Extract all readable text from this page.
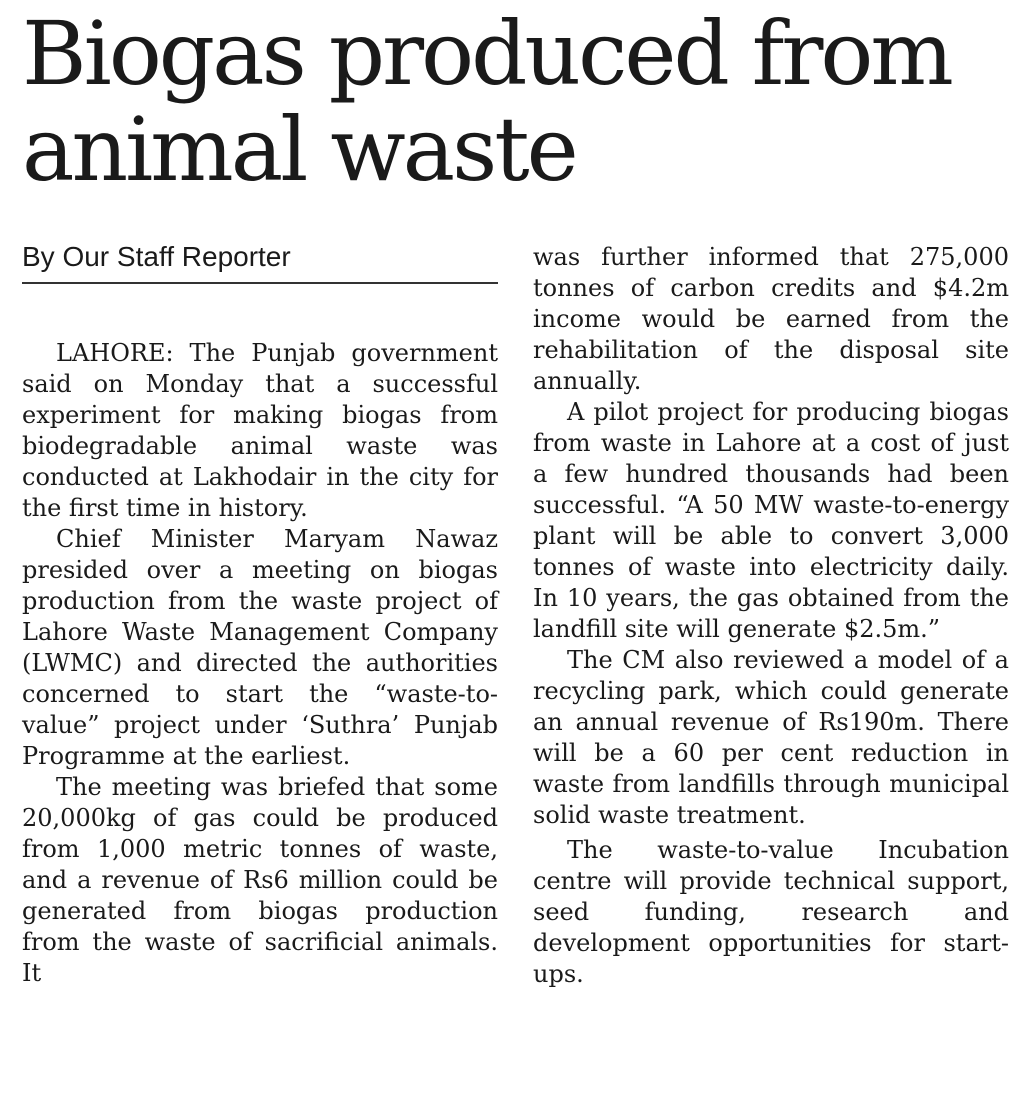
Biogas produced from animal waste
By Our Staff Reporter

LAHORE: The Punjab government said on Monday that a successful experiment for making biogas from biodegradable animal waste was conducted at Lakhodair in the city for the first time in history.

Chief Minister Maryam Nawaz presided over a meeting on biogas production from the waste project of Lahore Waste Management Company (LWMC) and directed the authorities concerned to start the “waste-to-value” project under ‘Suthra’ Punjab Programme at the earliest.

The meeting was briefed that some 20,000kg of gas could be produced from 1,000 metric tonnes of waste, and a revenue of Rs6 million could be generated from biogas production from the waste of sacrificial animals. It

was further informed that 275,000 tonnes of carbon credits and $4.2m income would be earned from the rehabilitation of the disposal site annually.

A pilot project for producing biogas from waste in Lahore at a cost of just a few hundred thousands had been successful. “A 50 MW waste-to-energy plant will be able to convert 3,000 tonnes of waste into electricity daily. In 10 years, the gas obtained from the landfill site will generate $2.5m.”

The CM also reviewed a model of a recycling park, which could generate an annual revenue of Rs190m. There will be a 60 per cent reduction in waste from landfills through municipal solid waste treatment.

The waste-to-value Incubation centre will provide technical support, seed funding, research and development opportunities for start-ups.
